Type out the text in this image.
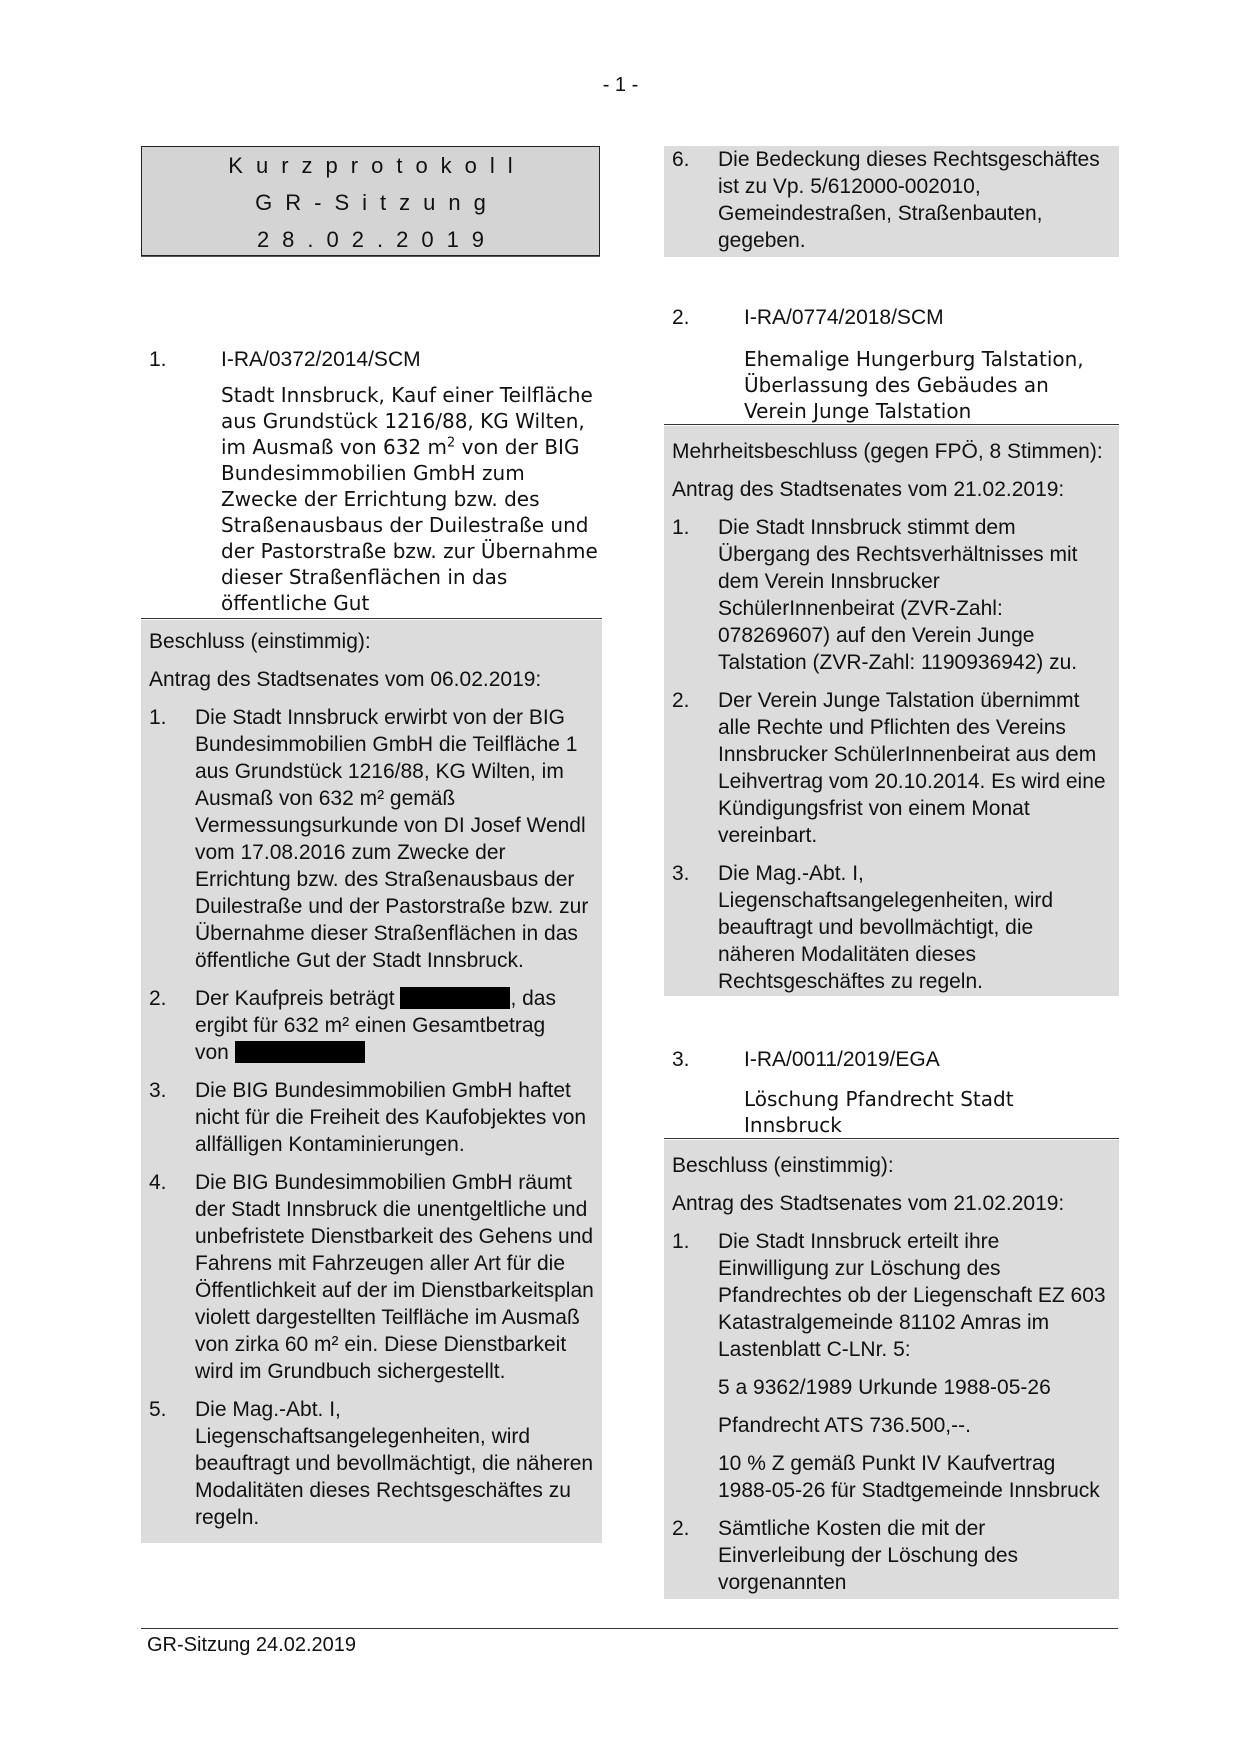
- 1 -
Kurzprotokoll
GR-Sitzung
28.02.2019
1.	I-RA/0372/2014/SCM
Stadt Innsbruck, Kauf einer Teilfläche aus Grundstück 1216/88, KG Wilten, im Ausmaß von 632 $m^2$ von der BIG Bundesimmobilien GmbH zum Zwecke der Errichtung bzw. des Straßenausbaus der Duilestraße und der Pastorstraße bzw. zur Übernahme dieser Straßenflächen in das öffentliche Gut
Beschluss (einstimmig):
Antrag des Stadtsenates vom 06.02.2019:
1. Die Stadt Innsbruck erwirbt von der BIG Bundesimmobilien GmbH die Teilfläche 1 aus Grundstück 1216/88, KG Wilten, im Ausmaß von 632 m² gemäß Vermessungsurkunde von DI Josef Wendl vom 17.08.2016 zum Zwecke der Errichtung bzw. des Straßenausbaus der Duilestraße und der Pastorstraße bzw. zur Übernahme dieser Straßenflächen in das öffentliche Gut der Stadt Innsbruck.
2. Der Kaufpreis beträgt	, das ergibt für 632 m² einen Gesamtbetrag
von
3. Die BIG Bundesimmobilien GmbH haftet nicht für die Freiheit des Kaufobjektes von allfälligen Kontaminierungen.
4. Die BIG Bundesimmobilien GmbH räumt der Stadt Innsbruck die unentgeltliche und unbefristete Dienstbarkeit des Gehens und Fahrens mit Fahrzeugen aller Art für die Öffentlichkeit auf der im Dienstbarkeitsplan violett dargestellten Teilfläche im Ausmaß von zirka 60 m² ein. Diese Dienstbarkeit wird im Grundbuch sichergestellt.
5. Die Mag.-Abt. I, Liegenschaftsangelegenheiten, wird beauftragt und bevollmächtigt, die näheren Modalitäten dieses Rechtsgeschäftes zu regeln.
6. Die Bedeckung dieses Rechtsgeschäftes ist zu Vp. 5/612000-002010, Gemeindestraßen, Straßenbauten, gegeben.
2.	I-RA/0774/2018/SCM
Ehemalige Hungerburg Talstation, Überlassung des Gebäudes an Verein Junge Talstation
Mehrheitsbeschluss (gegen FPÖ, 8 Stimmen):
Antrag des Stadtsenates vom 21.02.2019:
1. Die Stadt Innsbruck stimmt dem Übergang des Rechtsverhältnisses mit dem Verein Innsbrucker SchülerInnenbeirat (ZVR-Zahl: 078269607) auf den Verein Junge Talstation (ZVR-Zahl: 1190936942) zu.
2. Der Verein Junge Talstation übernimmt alle Rechte und Pflichten des Vereins Innsbrucker SchülerInnenbeirat aus dem Leihvertrag vom 20.10.2014. Es wird eine Kündigungsfrist von einem Monat vereinbart.
3. Die Mag.-Abt. I, Liegenschaftsangelegenheiten, wird beauftragt und bevollmächtigt, die näheren Modalitäten dieses Rechtsgeschäftes zu regeln.
3.	I-RA/0011/2019/EGA
Löschung Pfandrecht Stadt Innsbruck
Beschluss (einstimmig):
Antrag des Stadtsenates vom 21.02.2019:
1. Die Stadt Innsbruck erteilt ihre Einwilligung zur Löschung des Pfandrechtes ob der Liegenschaft EZ 603 Katastralgemeinde 81102 Amras im Lastenblatt C-LNr. 5:
5 a 9362/1989 Urkunde 1988-05-26
Pfandrecht ATS 736.500,--.
10 % Z gemäß Punkt IV Kaufvertrag 1988-05-26 für Stadtgemeinde Innsbruck
2. Sämtliche Kosten die mit der Einverleibung der Löschung des vorgenannten
GR-Sitzung 24.02.2019
